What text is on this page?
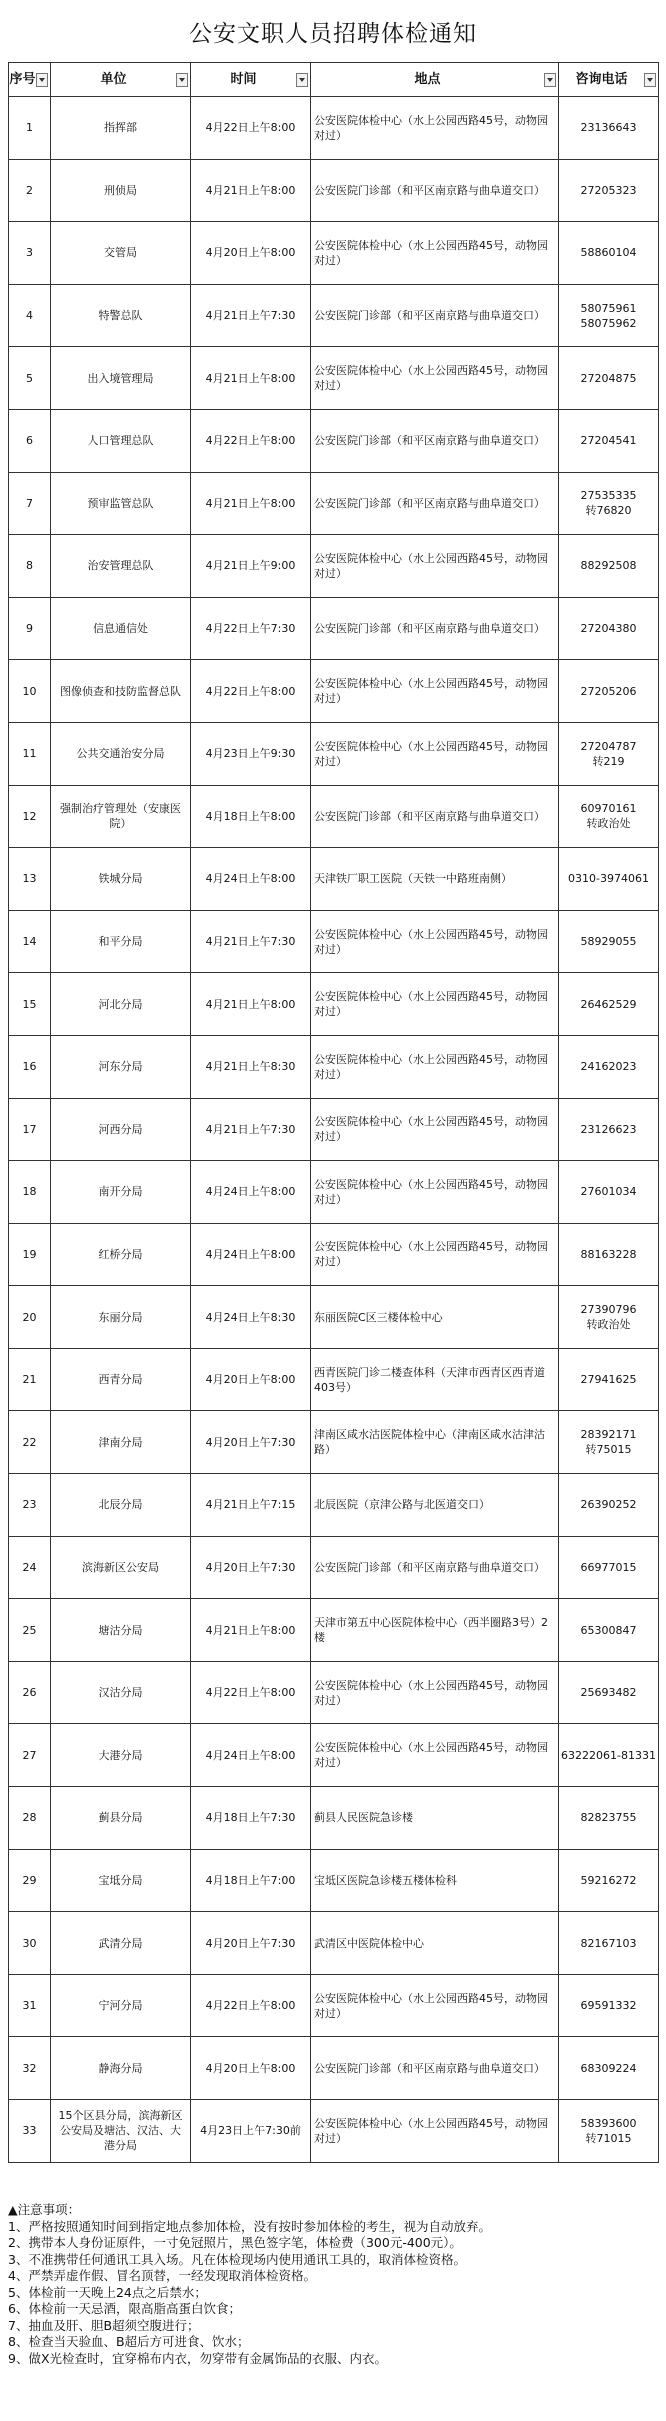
公安文职人员招聘体检通知
序号	单位	时间	地点	咨询电话

1	指挥部	4月22日上午8:00	公安医院体检中心（水上公园西路45号，动物园对过）	23136643
2	刑侦局	4月21日上午8:00	公安医院门诊部（和平区南京路与曲阜道交口）	27205323
3	交管局	4月20日上午8:00	公安医院体检中心（水上公园西路45号，动物园对过）	58860104
4	特警总队	4月21日上午7:30	公安医院门诊部（和平区南京路与曲阜道交口）	58075961
58075962
5	出入境管理局	4月21日上午8:00	公安医院体检中心（水上公园西路45号，动物园对过）	27204875
6	人口管理总队	4月22日上午8:00	公安医院门诊部（和平区南京路与曲阜道交口）	27204541
7	预审监管总队	4月21日上午8:00	公安医院门诊部（和平区南京路与曲阜道交口）	27535335
转76820
8	治安管理总队	4月21日上午9:00	公安医院体检中心（水上公园西路45号，动物园对过）	88292508
9	信息通信处	4月22日上午7:30	公安医院门诊部（和平区南京路与曲阜道交口）	27204380
10	图像侦查和技防监督总队	4月22日上午8:00	公安医院体检中心（水上公园西路45号，动物园对过）	27205206
11	公共交通治安分局	4月23日上午9:30	公安医院体检中心（水上公园西路45号，动物园对过）	27204787
转219
12	强制治疗管理处（安康医院）	4月18日上午8:00	公安医院门诊部（和平区南京路与曲阜道交口）	60970161
转政治处
13	铁城分局	4月24日上午8:00	天津铁厂职工医院（天铁一中路班南侧）	0310-3974061
14	和平分局	4月21日上午7:30	公安医院体检中心（水上公园西路45号，动物园对过）	58929055
15	河北分局	4月21日上午8:00	公安医院体检中心（水上公园西路45号，动物园对过）	26462529
16	河东分局	4月21日上午8:30	公安医院体检中心（水上公园西路45号，动物园对过）	24162023
17	河西分局	4月21日上午7:30	公安医院体检中心（水上公园西路45号，动物园对过）	23126623
18	南开分局	4月24日上午8:00	公安医院体检中心（水上公园西路45号，动物园对过）	27601034
19	红桥分局	4月24日上午8:00	公安医院体检中心（水上公园西路45号，动物园对过）	88163228
20	东丽分局	4月24日上午8:30	东丽医院C区三楼体检中心	27390796
转政治处
21	西青分局	4月20日上午8:00	西青医院门诊二楼查体科（天津市西青区西青道403号）	27941625
22	津南分局	4月20日上午7:30	津南区咸水沽医院体检中心（津南区咸水沽津沽路）	28392171
转75015
23	北辰分局	4月21日上午7:15	北辰医院（京津公路与北医道交口）	26390252
24	滨海新区公安局	4月20日上午7:30	公安医院门诊部（和平区南京路与曲阜道交口）	66977015
25	塘沽分局	4月21日上午8:00	天津市第五中心医院体检中心（西半圈路3号）2楼	65300847
26	汉沽分局	4月22日上午8:00	公安医院体检中心（水上公园西路45号，动物园对过）	25693482
27	大港分局	4月24日上午8:00	公安医院体检中心（水上公园西路45号，动物园对过）	63222061-81331
28	蓟县分局	4月18日上午7:30	蓟县人民医院急诊楼	82823755
29	宝坻分局	4月18日上午7:00	宝坻区医院急诊楼五楼体检科	59216272
30	武清分局	4月20日上午7:30	武清区中医院体检中心	82167103
31	宁河分局	4月22日上午8:00	公安医院体检中心（水上公园西路45号，动物园对过）	69591332
32	静海分局	4月20日上午8:00	公安医院门诊部（和平区南京路与曲阜道交口）	68309224
33	15个区县分局，滨海新区公安局及塘沽、汉沽、大港分局	4月23日上午7:30前	公安医院体检中心（水上公园西路45号，动物园对过）	58393600
转71015
▲注意事项：
1、严格按照通知时间到指定地点参加体检，没有按时参加体检的考生，视为自动放弃。
2、携带本人身份证原件，一寸免冠照片，黑色签字笔，体检费（300元-400元）。
3、不准携带任何通讯工具入场。凡在体检现场内使用通讯工具的，取消体检资格。
4、严禁弄虚作假、冒名顶替，一经发现取消体检资格。
5、体检前一天晚上24点之后禁水；
6、体检前一天忌酒，限高脂高蛋白饮食；
7、抽血及肝、胆B超须空腹进行；
8、检查当天验血、B超后方可进食、饮水；
9、做X光检查时，宜穿棉布内衣，勿穿带有金属饰品的衣服、内衣。
